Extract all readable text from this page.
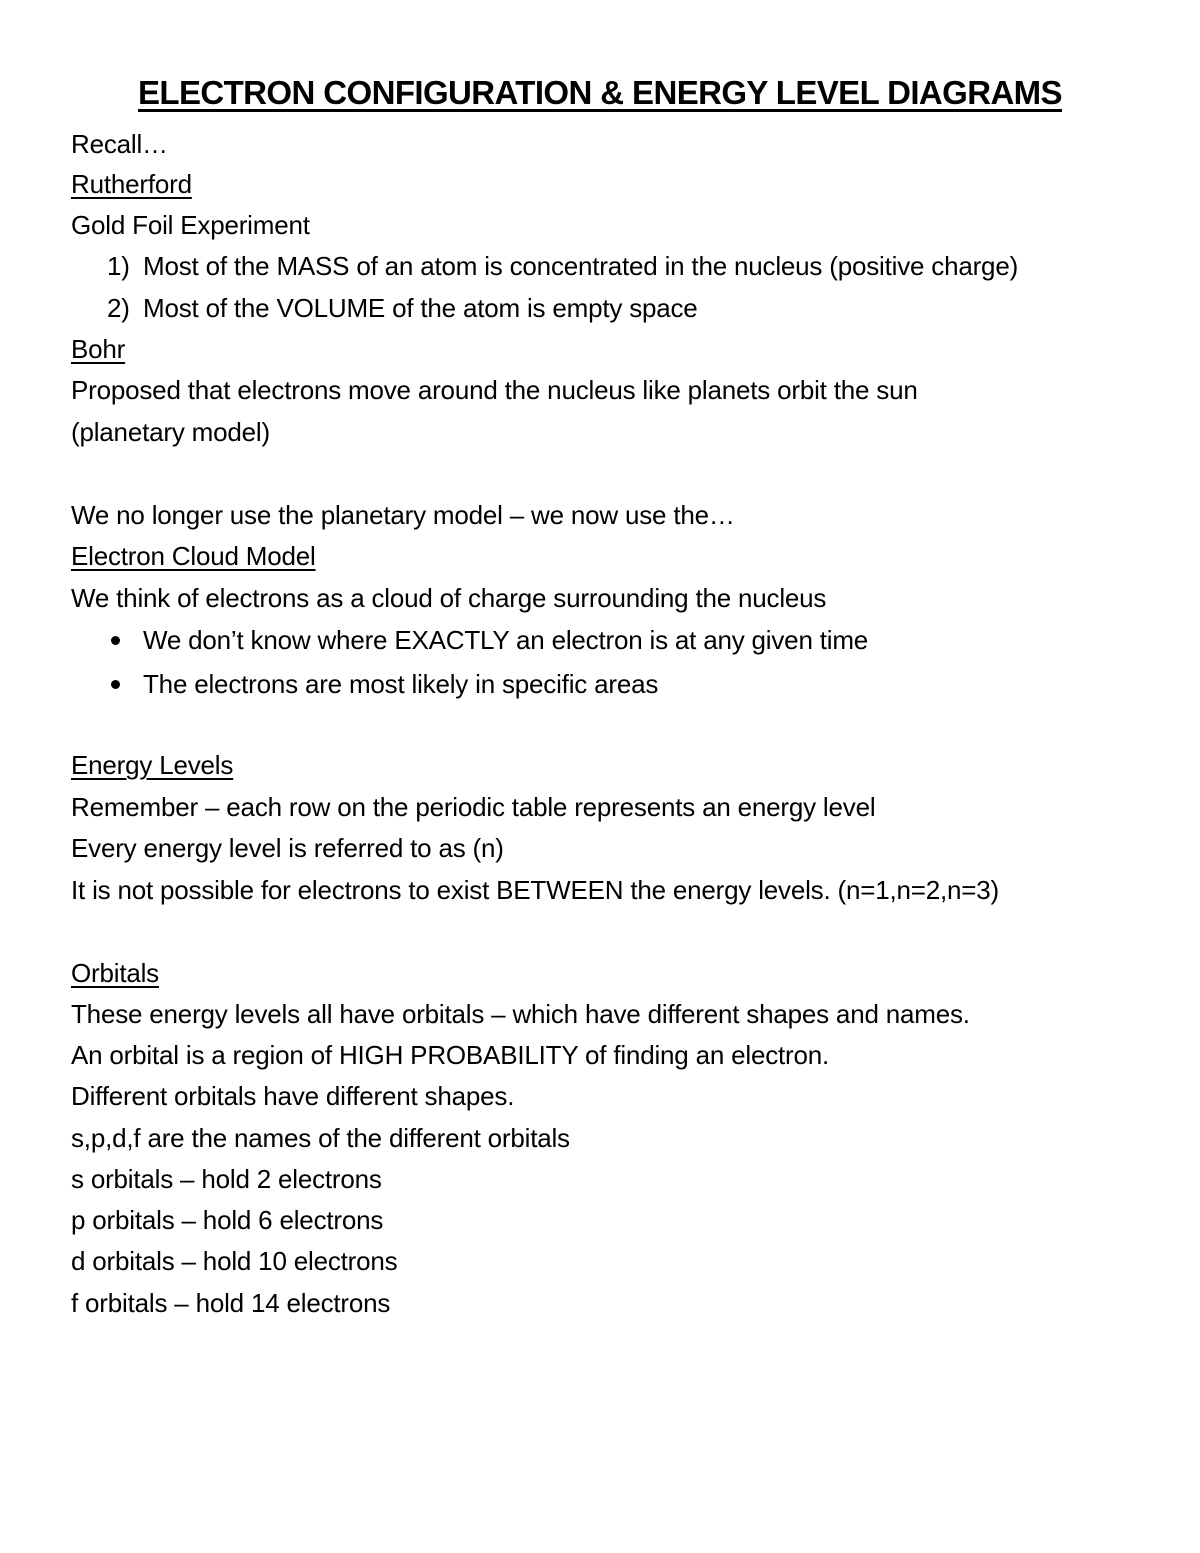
ELECTRON CONFIGURATION & ENERGY LEVEL DIAGRAMS
Recall…
Rutherford
Gold Foil Experiment
1) Most of the MASS of an atom is concentrated in the nucleus (positive charge)
2) Most of the VOLUME of the atom is empty space
Bohr
Proposed that electrons move around the nucleus like planets orbit the sun
(planetary model)
We no longer use the planetary model – we now use the…
Electron Cloud Model
We think of electrons as a cloud of charge surrounding the nucleus
We don’t know where EXACTLY an electron is at any given time
The electrons are most likely in specific areas
Energy Levels
Remember – each row on the periodic table represents an energy level
Every energy level is referred to as (n)
It is not possible for electrons to exist BETWEEN the energy levels. (n=1,n=2,n=3)
Orbitals
These energy levels all have orbitals – which have different shapes and names.
An orbital is a region of HIGH PROBABILITY of finding an electron.
Different orbitals have different shapes.
s,p,d,f are the names of the different orbitals
s orbitals – hold 2 electrons
p orbitals – hold 6 electrons
d orbitals – hold 10 electrons
f orbitals – hold 14 electrons
